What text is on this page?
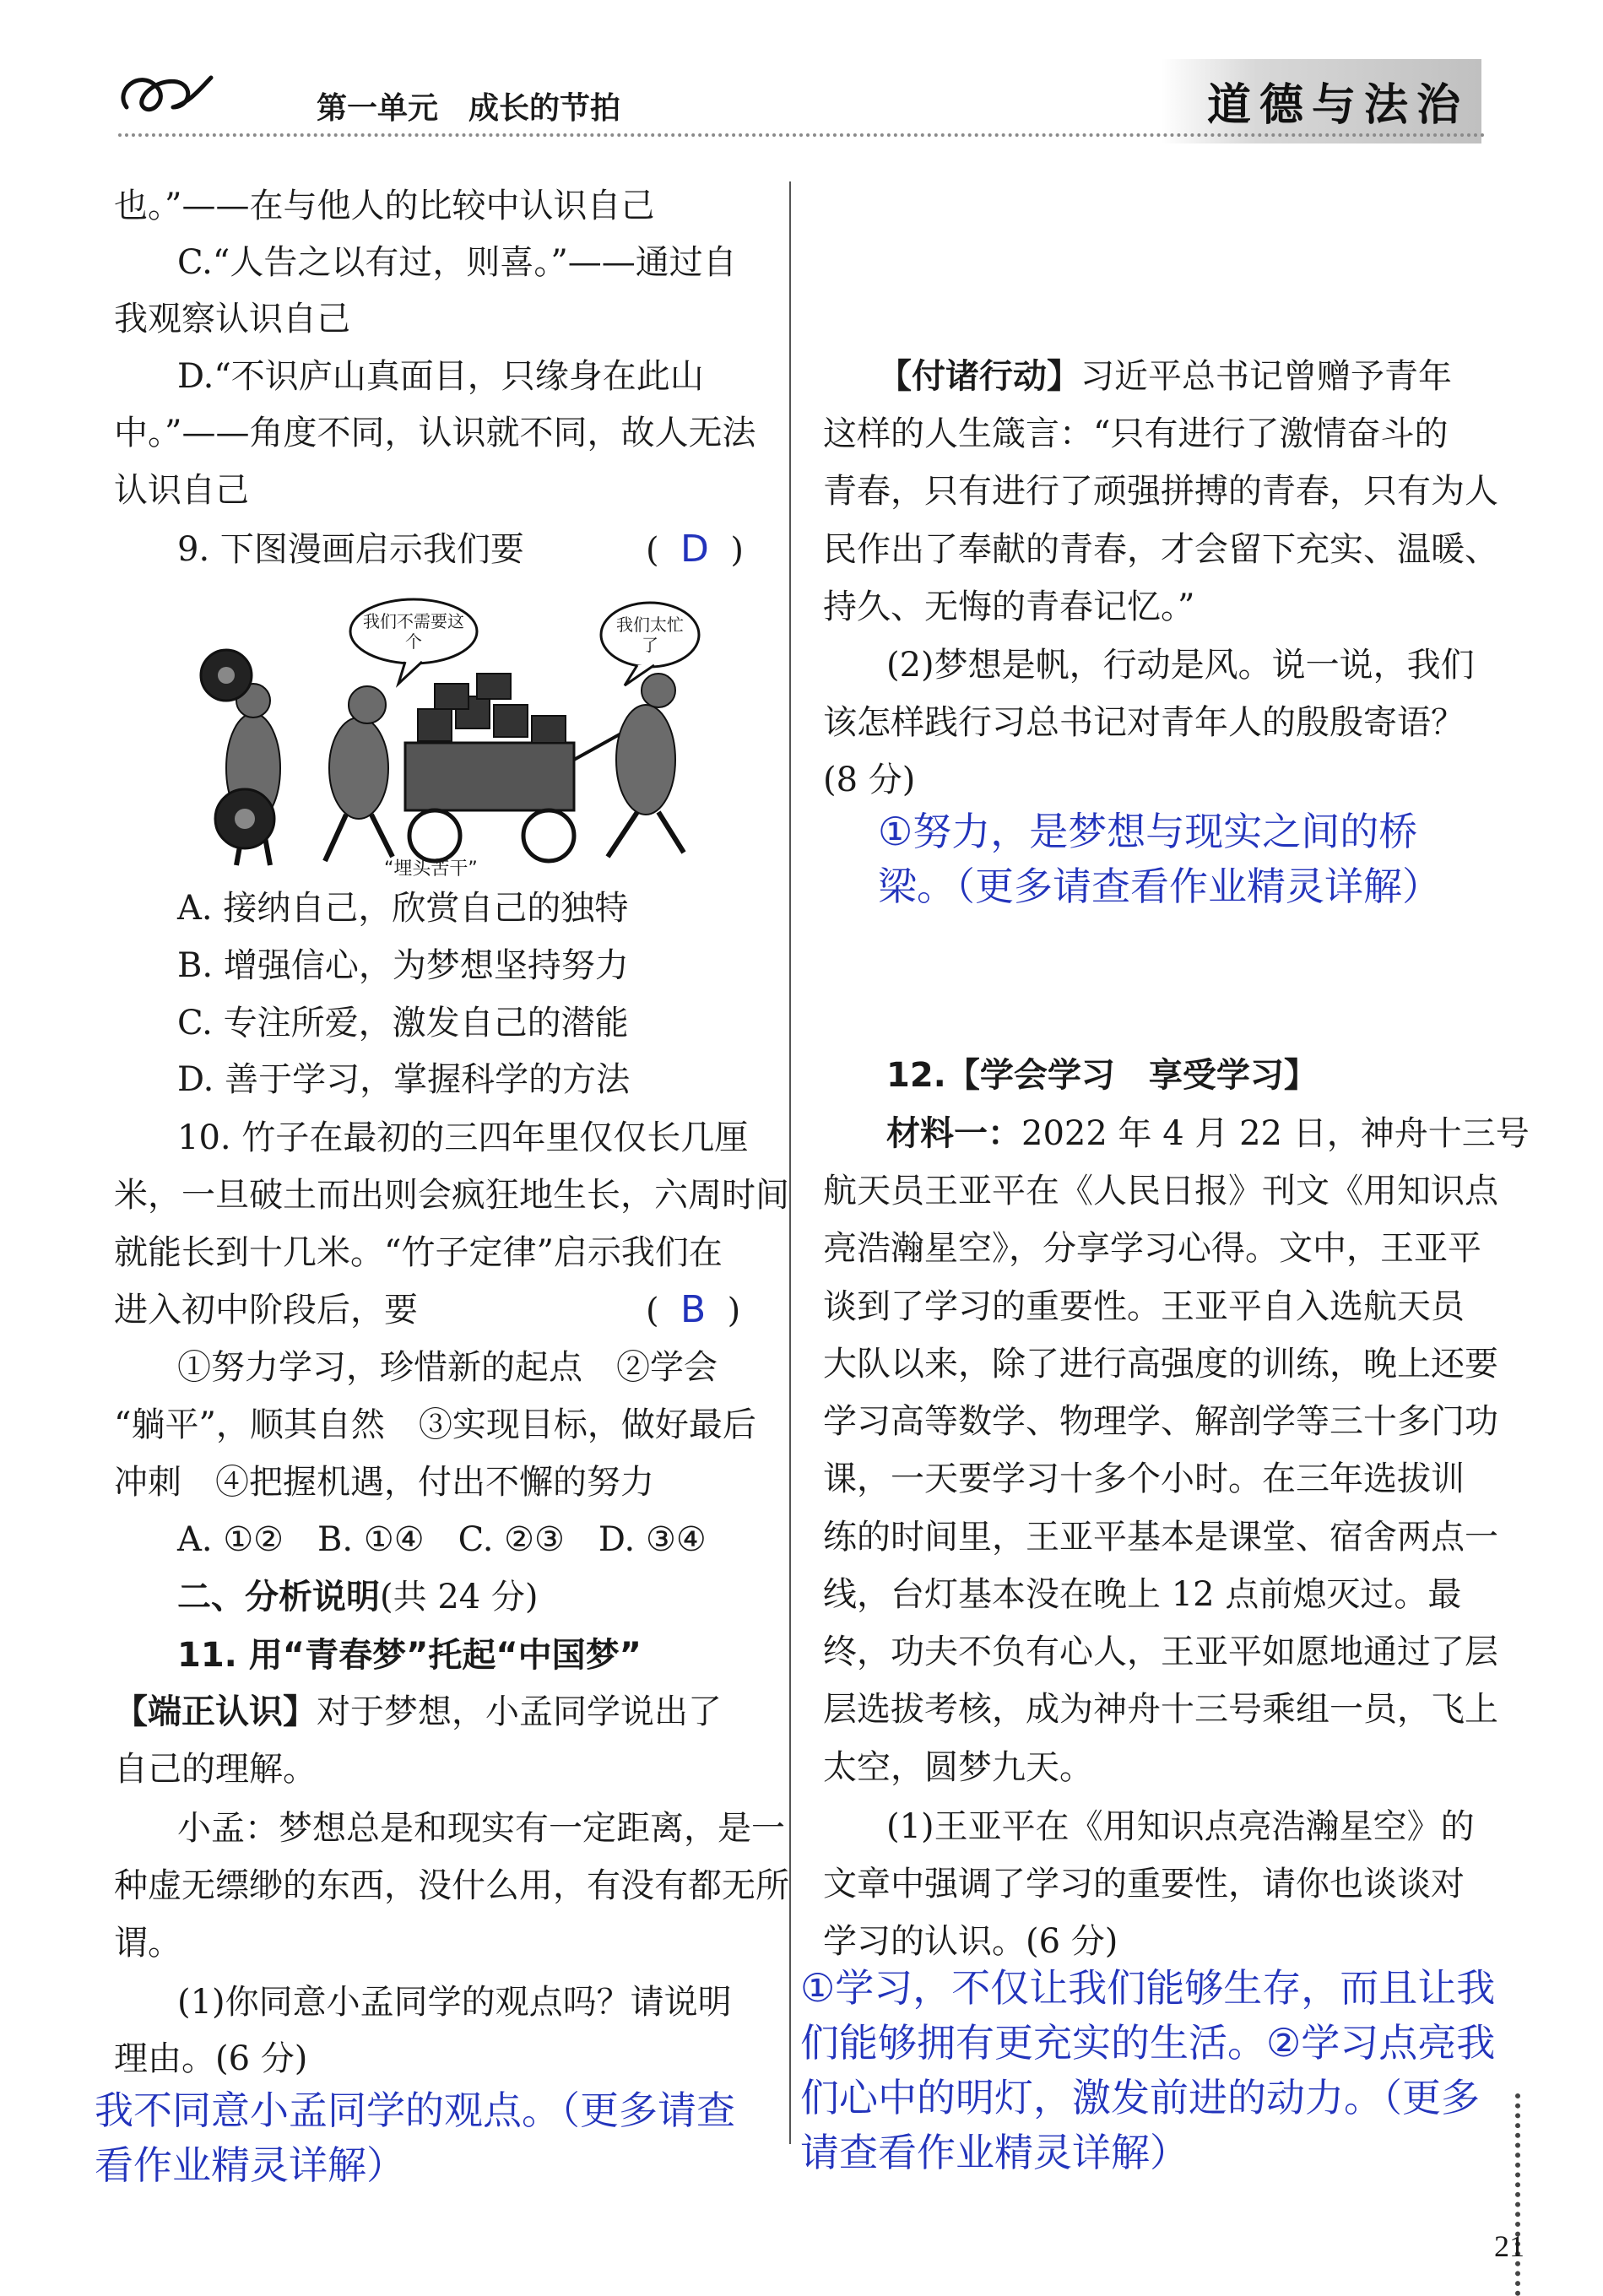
第一单元　成长的节拍	道德与法治
也。”——在与他人的比较中认识自己
C.“人告之以有过，则喜。”——通过自
我观察认识自己
D.“不识庐山真面目，只缘身在此山
中。”——角度不同，认识就不同，故人无法
认识自己
9. 下图漫画启示我们要	(  D  )
我们不需要这个
我们太忙了
“埋头苦干”
A. 接纳自己，欣赏自己的独特
B. 增强信心，为梦想坚持努力
C. 专注所爱，激发自己的潜能
D. 善于学习，掌握科学的方法
10. 竹子在最初的三四年里仅仅长几厘
米，一旦破土而出则会疯狂地生长，六周时间
就能长到十几米。“竹子定律”启示我们在
进入初中阶段后，要	(  B  )
①努力学习，珍惜新的起点　②学会
“躺平”，顺其自然　③实现目标，做好最后
冲刺　④把握机遇，付出不懈的努力
A. ①②　B. ①④　C. ②③　D. ③④
二、分析说明(共 24 分)
11. 用“青春梦”托起“中国梦”
【端正认识】对于梦想，小孟同学说出了
自己的理解。
小孟：梦想总是和现实有一定距离，是一
种虚无缥缈的东西，没什么用，有没有都无所
谓。
(1)你同意小孟同学的观点吗？请说明
理由。(6 分)
我不同意小孟同学的观点。（更多请查
看作业精灵详解）
【付诸行动】习近平总书记曾赠予青年
这样的人生箴言：“只有进行了激情奋斗的
青春，只有进行了顽强拼搏的青春，只有为人
民作出了奉献的青春，才会留下充实、温暖、
持久、无悔的青春记忆。”
(2)梦想是帆，行动是风。说一说，我们
该怎样践行习总书记对青年人的殷殷寄语？
(8 分)
①努力，是梦想与现实之间的桥
梁。（更多请查看作业精灵详解）
12.【学会学习　享受学习】
材料一：2022 年 4 月 22 日，神舟十三号
航天员王亚平在《人民日报》刊文《用知识点
亮浩瀚星空》，分享学习心得。文中，王亚平
谈到了学习的重要性。王亚平自入选航天员
大队以来，除了进行高强度的训练，晚上还要
学习高等数学、物理学、解剖学等三十多门功
课，一天要学习十多个小时。在三年选拔训
练的时间里，王亚平基本是课堂、宿舍两点一
线，台灯基本没在晚上 12 点前熄灭过。最
终，功夫不负有心人，王亚平如愿地通过了层
层选拔考核，成为神舟十三号乘组一员，飞上
太空，圆梦九天。
(1)王亚平在《用知识点亮浩瀚星空》的
文章中强调了学习的重要性，请你也谈谈对
学习的认识。(6 分)
①学习，不仅让我们能够生存，而且让我
们能够拥有更充实的生活。②学习点亮我
们心中的明灯，激发前进的动力。（更多
请查看作业精灵详解）
21
